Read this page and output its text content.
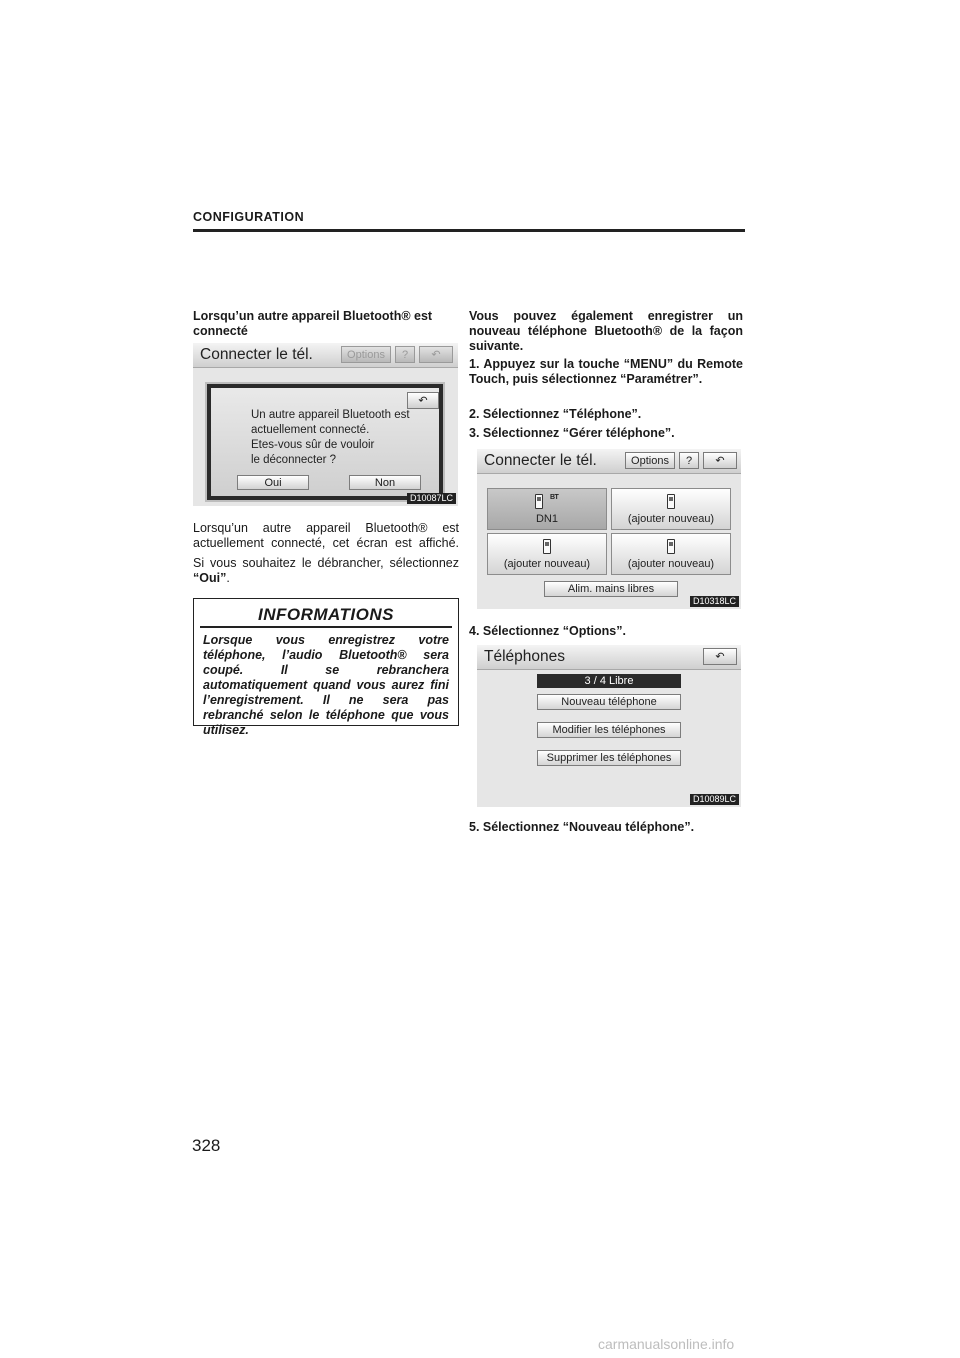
CONFIGURATION
Lorsqu’un autre appareil Bluetooth® est connecté
Connecter le tél.	Options	?	↶
↶
Un autre appareil Bluetooth est
actuellement connecté.
Etes-vous sûr de vouloir
le déconnecter ?
Oui	Non
D10087LC
Lorsqu’un autre appareil Bluetooth® est actuellement connecté, cet écran est affiché.
Si vous souhaitez le débrancher, sélectionnez “Oui”.
INFORMATIONS
Lorsque vous enregistrez votre téléphone, l’audio Bluetooth® sera coupé. Il se rebranchera automatiquement quand vous aurez fini l’enregistrement. Il ne sera pas rebranché selon le téléphone que vous utilisez.
Vous pouvez également enregistrer un nouveau téléphone Bluetooth® de la façon suivante.
1. Appuyez sur la touche “MENU” du Remote Touch, puis sélectionnez “Paramétrer”.
2. Sélectionnez “Téléphone”.
3. Sélectionnez “Gérer téléphone”.
Connecter le tél.	Options	?	↶
BT
DN1	(ajouter nouveau)
(ajouter nouveau)	(ajouter nouveau)
Alim. mains libres
D10318LC
4. Sélectionnez “Options”.
Téléphones	↶
3 / 4 Libre
Nouveau téléphone
Modifier les téléphones
Supprimer les téléphones
D10089LC
5. Sélectionnez “Nouveau téléphone”.
328
carmanualsonline.info
